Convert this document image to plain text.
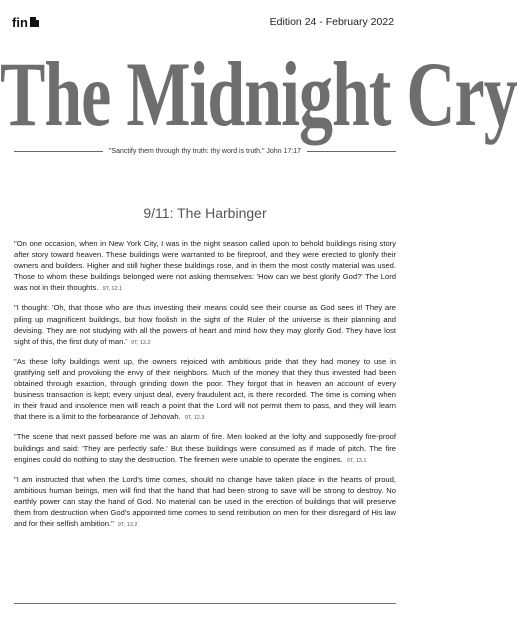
fin	Edition 24 - February 2022
The Midnight Cry
"Sanctify them through thy truth: thy word is truth." John 17:17
9/11: The Harbinger

"On one occasion, when in New York City, I was in the night season called upon to behold buildings rising story after story toward heaven. These buildings were warranted to be fireproof, and they were erected to glorify their owners and builders. Higher and still higher these buildings rose, and in them the most costly material was used. Those to whom these buildings belonged were not asking themselves: 'How can we best glorify God?' The Lord was not in their thoughts. 9T, 12.1

"I thought: 'Oh, that those who are thus investing their means could see their course as God sees it! They are piling up magnificent buildings, but how foolish in the sight of the Ruler of the universe is their planning and devising. They are not studying with all the powers of heart and mind how they may glorify God. They have lost sight of this, the first duty of man.' 9T, 12.2

"As these lofty buildings went up, the owners rejoiced with ambitious pride that they had money to use in gratifying self and provoking the envy of their neighbors. Much of the money that they thus invested had been obtained through exaction, through grinding down the poor. They forgot that in heaven an account of every business transaction is kept; every unjust deal, every fraudulent act, is there recorded. The time is coming when in their fraud and insolence men will reach a point that the Lord will not permit them to pass, and they will learn that there is a limit to the forbearance of Jehovah. 9T, 12.3

"The scene that next passed before me was an alarm of fire. Men looked at the lofty and supposedly fire-proof buildings and said: 'They are perfectly safe.' But these buildings were consumed as if made of pitch. The fire engines could do nothing to stay the destruction. The firemen were unable to operate the engines. 9T, 13.1

"I am instructed that when the Lord's time comes, should no change have taken place in the hearts of proud, ambitious human beings, men will find that the hand that had been strong to save will be strong to destroy. No earthly power can stay the hand of God. No material can be used in the erection of buildings that will preserve them from destruction when God's appointed time comes to send retribution on men for their disregard of His law and for their selfish ambition." 9T, 13.2
